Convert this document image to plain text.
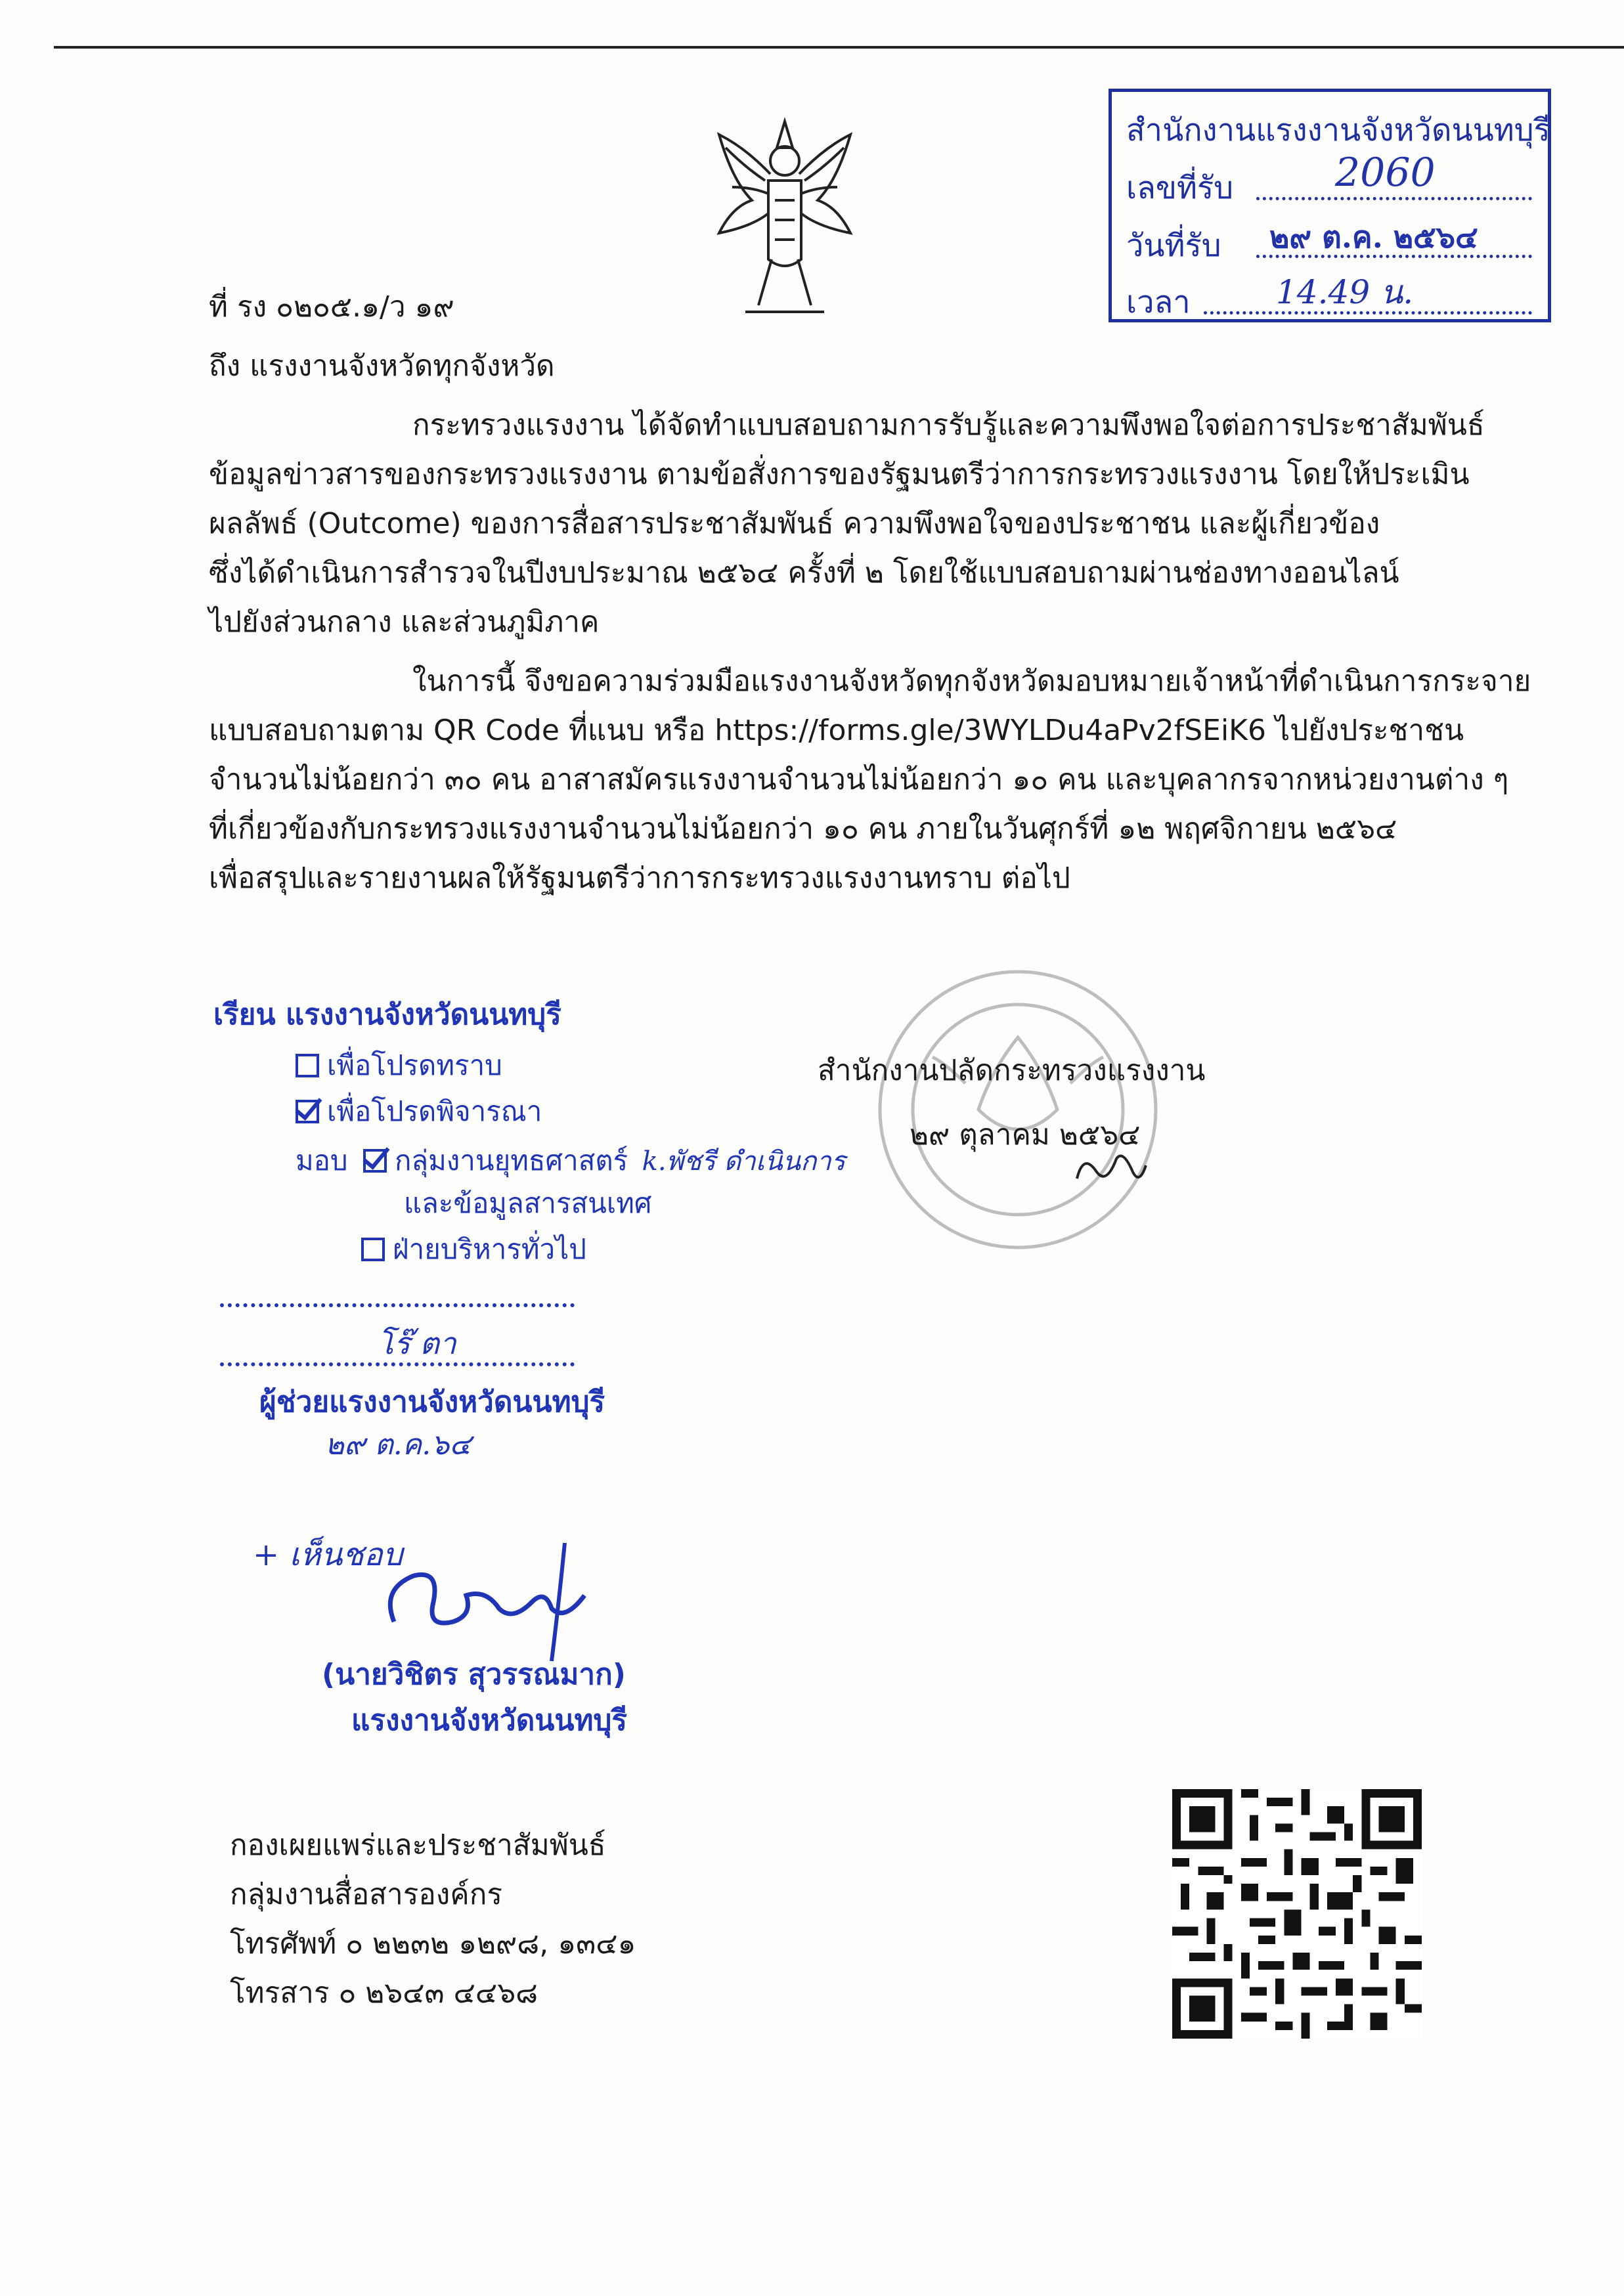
สำนักงานแรงงานจังหวัดนนทบุรี
เลขที่รับ	2060
วันที่รับ ๒๙ ต.ค. ๒๕๖๔
เวลา	14.49 น.
ที่ รง ๐๒๐๕.๑/ว ๑๙
ถึง แรงงานจังหวัดทุกจังหวัด
กระทรวงแรงงาน ได้จัดทำแบบสอบถามการรับรู้และความพึงพอใจต่อการประชาสัมพันธ์
ข้อมูลข่าวสารของกระทรวงแรงงาน ตามข้อสั่งการของรัฐมนตรีว่าการกระทรวงแรงงาน โดยให้ประเมิน
ผลลัพธ์ (Outcome) ของการสื่อสารประชาสัมพันธ์ ความพึงพอใจของประชาชน และผู้เกี่ยวข้อง
ซึ่งได้ดำเนินการสำรวจในปีงบประมาณ ๒๕๖๔ ครั้งที่ ๒ โดยใช้แบบสอบถามผ่านช่องทางออนไลน์
ไปยังส่วนกลาง และส่วนภูมิภาค
ในการนี้ จึงขอความร่วมมือแรงงานจังหวัดทุกจังหวัดมอบหมายเจ้าหน้าที่ดำเนินการกระจาย
แบบสอบถามตาม QR Code ที่แนบ หรือ https://forms.gle/3WYLDu4aPv2fSEiK6 ไปยังประชาชน
จำนวนไม่น้อยกว่า ๓๐ คน อาสาสมัครแรงงานจำนวนไม่น้อยกว่า ๑๐ คน และบุคลากรจากหน่วยงานต่าง ๆ
ที่เกี่ยวข้องกับกระทรวงแรงงานจำนวนไม่น้อยกว่า ๑๐ คน ภายในวันศุกร์ที่ ๑๒ พฤศจิกายน ๒๕๖๔
เพื่อสรุปและรายงานผลให้รัฐมนตรีว่าการกระทรวงแรงงานทราบ ต่อไป
สำนักงานปลัดกระทรวงแรงงาน
๒๙ ตุลาคม ๒๕๖๔
เรียน แรงงานจังหวัดนนทบุรี
เพื่อโปรดทราบ
เพื่อโปรดพิจารณา
มอบ กลุ่มงานยุทธศาสตร์ k.พัชรี ดำเนินการ
และข้อมูลสารสนเทศ
ฝ่ายบริหารทั่วไป
โร๊ ตา
ผู้ช่วยแรงงานจังหวัดนนทบุรี
๒๙ ต.ค.๖๔
+ เห็นชอบ
(นายวิชิตร สุวรรณมาก)
แรงงานจังหวัดนนทบุรี
กองเผยแพร่และประชาสัมพันธ์
กลุ่มงานสื่อสารองค์กร
โทรศัพท์ ๐ ๒๒๓๒ ๑๒๙๘, ๑๓๔๑
โทรสาร ๐ ๒๖๔๓ ๔๔๖๘
